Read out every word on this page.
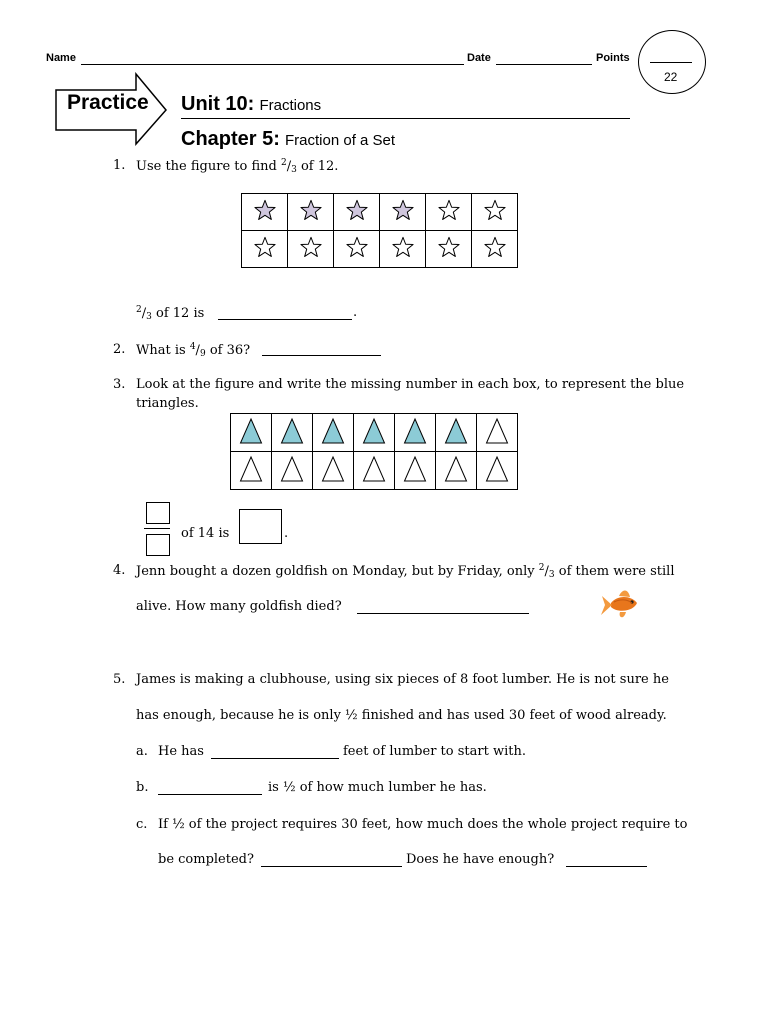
Name	Date	Points
22
Practice Unit 10: Fractions
Chapter 5: Fraction of a Set
1. Use the figure to find $^2/_3$ of 12.

$^2/_3$ of 12 is	.
2. What is $^4/_9$ of 36?
3. Look at the figure and write the missing number in each box, to represent the blue
triangles.

of 14 is	.
4. Jenn bought a dozen goldfish on Monday, but by Friday, only $^2/_3$ of them were still
alive. How many goldfish died?
5. James is making a clubhouse, using six pieces of 8 foot lumber. He is not sure he
has enough, because he is only ½ finished and has used 30 feet of wood already.
a. He has	feet of lumber to start with.
b.	is ½ of how much lumber he has.
c. If ½ of the project requires 30 feet, how much does the whole project require to
be completed?	Does he have enough?
